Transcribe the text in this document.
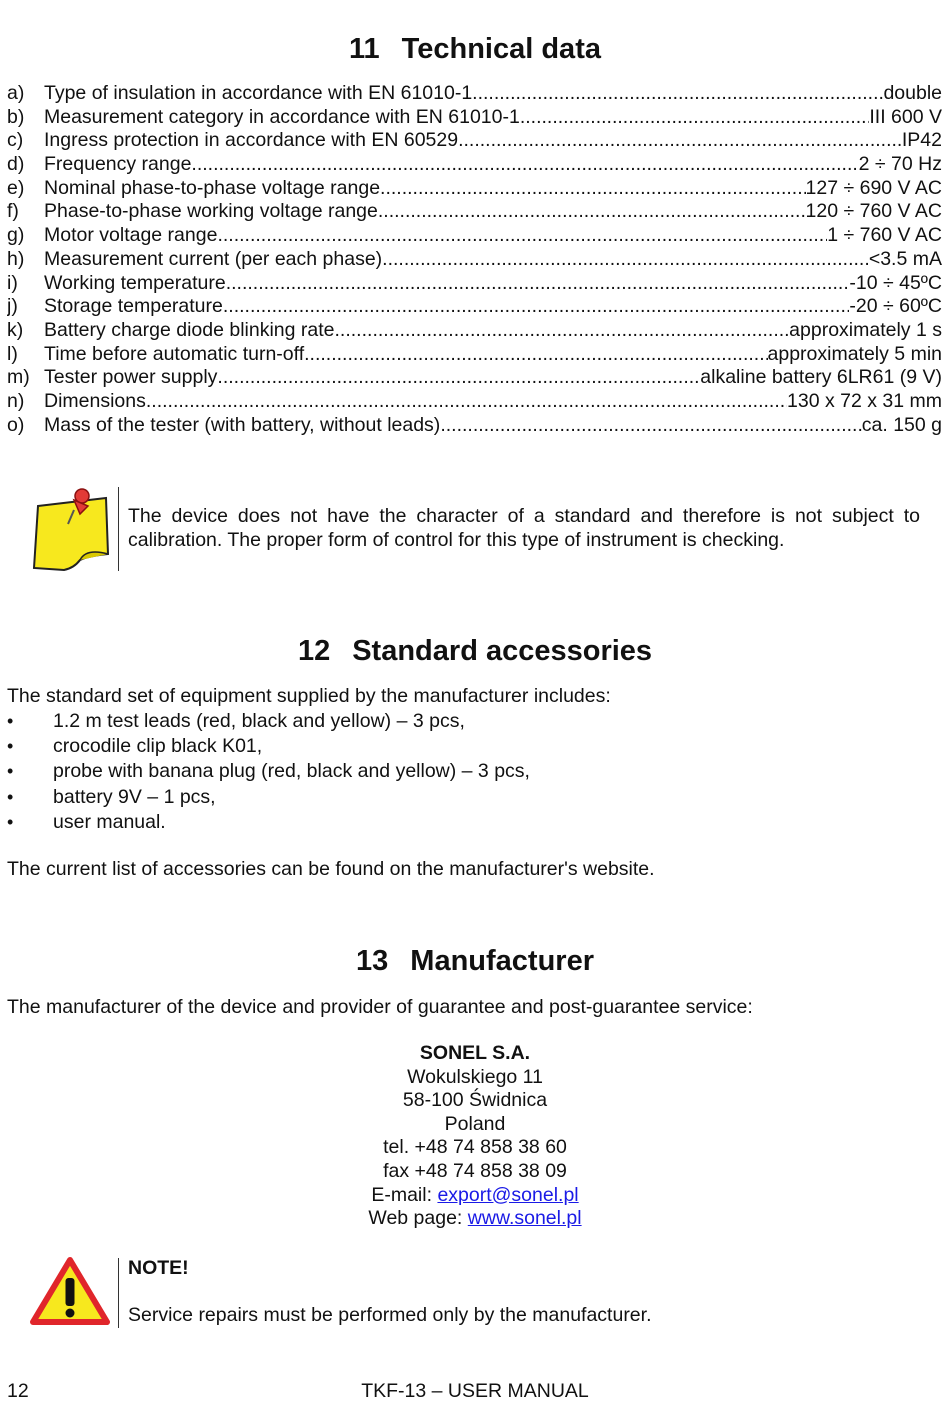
11 Technical data
a)	Type of insulation in accordance with EN 61010-1 .....	double
b)	Measurement category in accordance with EN 61010-1 .....	III 600 V
c)	Ingress protection in accordance with EN 60529 .....	IP42
d)	Frequency range .....	2 ÷ 70 Hz
e)	Nominal phase-to-phase voltage range .....	127 ÷ 690 V AC
f)	Phase-to-phase working voltage range .....	120 ÷ 760 V AC
g)	Motor voltage range .....	1 ÷ 760 V AC
h)	Measurement current (per each phase) .....	<3.5 mA
i)	Working temperature .....	-10 ÷ 45ºC
j)	Storage temperature .....	-20 ÷ 60ºC
k)	Battery charge diode blinking rate .....	approximately 1 s
l)	Time before automatic turn-off .....	approximately 5 min
m) Tester power supply .....	alkaline battery 6LR61 (9 V)
n)	Dimensions .....	130 x 72 x 31 mm
o)	Mass of the tester (with battery, without leads) .....	ca. 150 g
The device does not have the character of a standard and therefore is not subject to calibration. The proper form of control for this type of instrument is checking.
12 Standard accessories
The standard set of equipment supplied by the manufacturer includes:
•
1.2 m test leads (red, black and yellow) – 3 pcs,
•
crocodile clip black K01,
•
probe with banana plug (red, black and yellow) – 3 pcs,
•
battery 9V – 1 pcs,
•
user manual.
The current list of accessories can be found on the manufacturer's website.
13 Manufacturer
The manufacturer of the device and provider of guarantee and post-guarantee service:
SONEL S.A.
Wokulskiego 11
58-100 Świdnica
Poland
tel. +48 74 858 38 60
fax +48 74 858 38 09
E-mail: export@sonel.pl
Web page: www.sonel.pl
NOTE!
Service repairs must be performed only by the manufacturer.
12	TKF-13 – USER MANUAL
